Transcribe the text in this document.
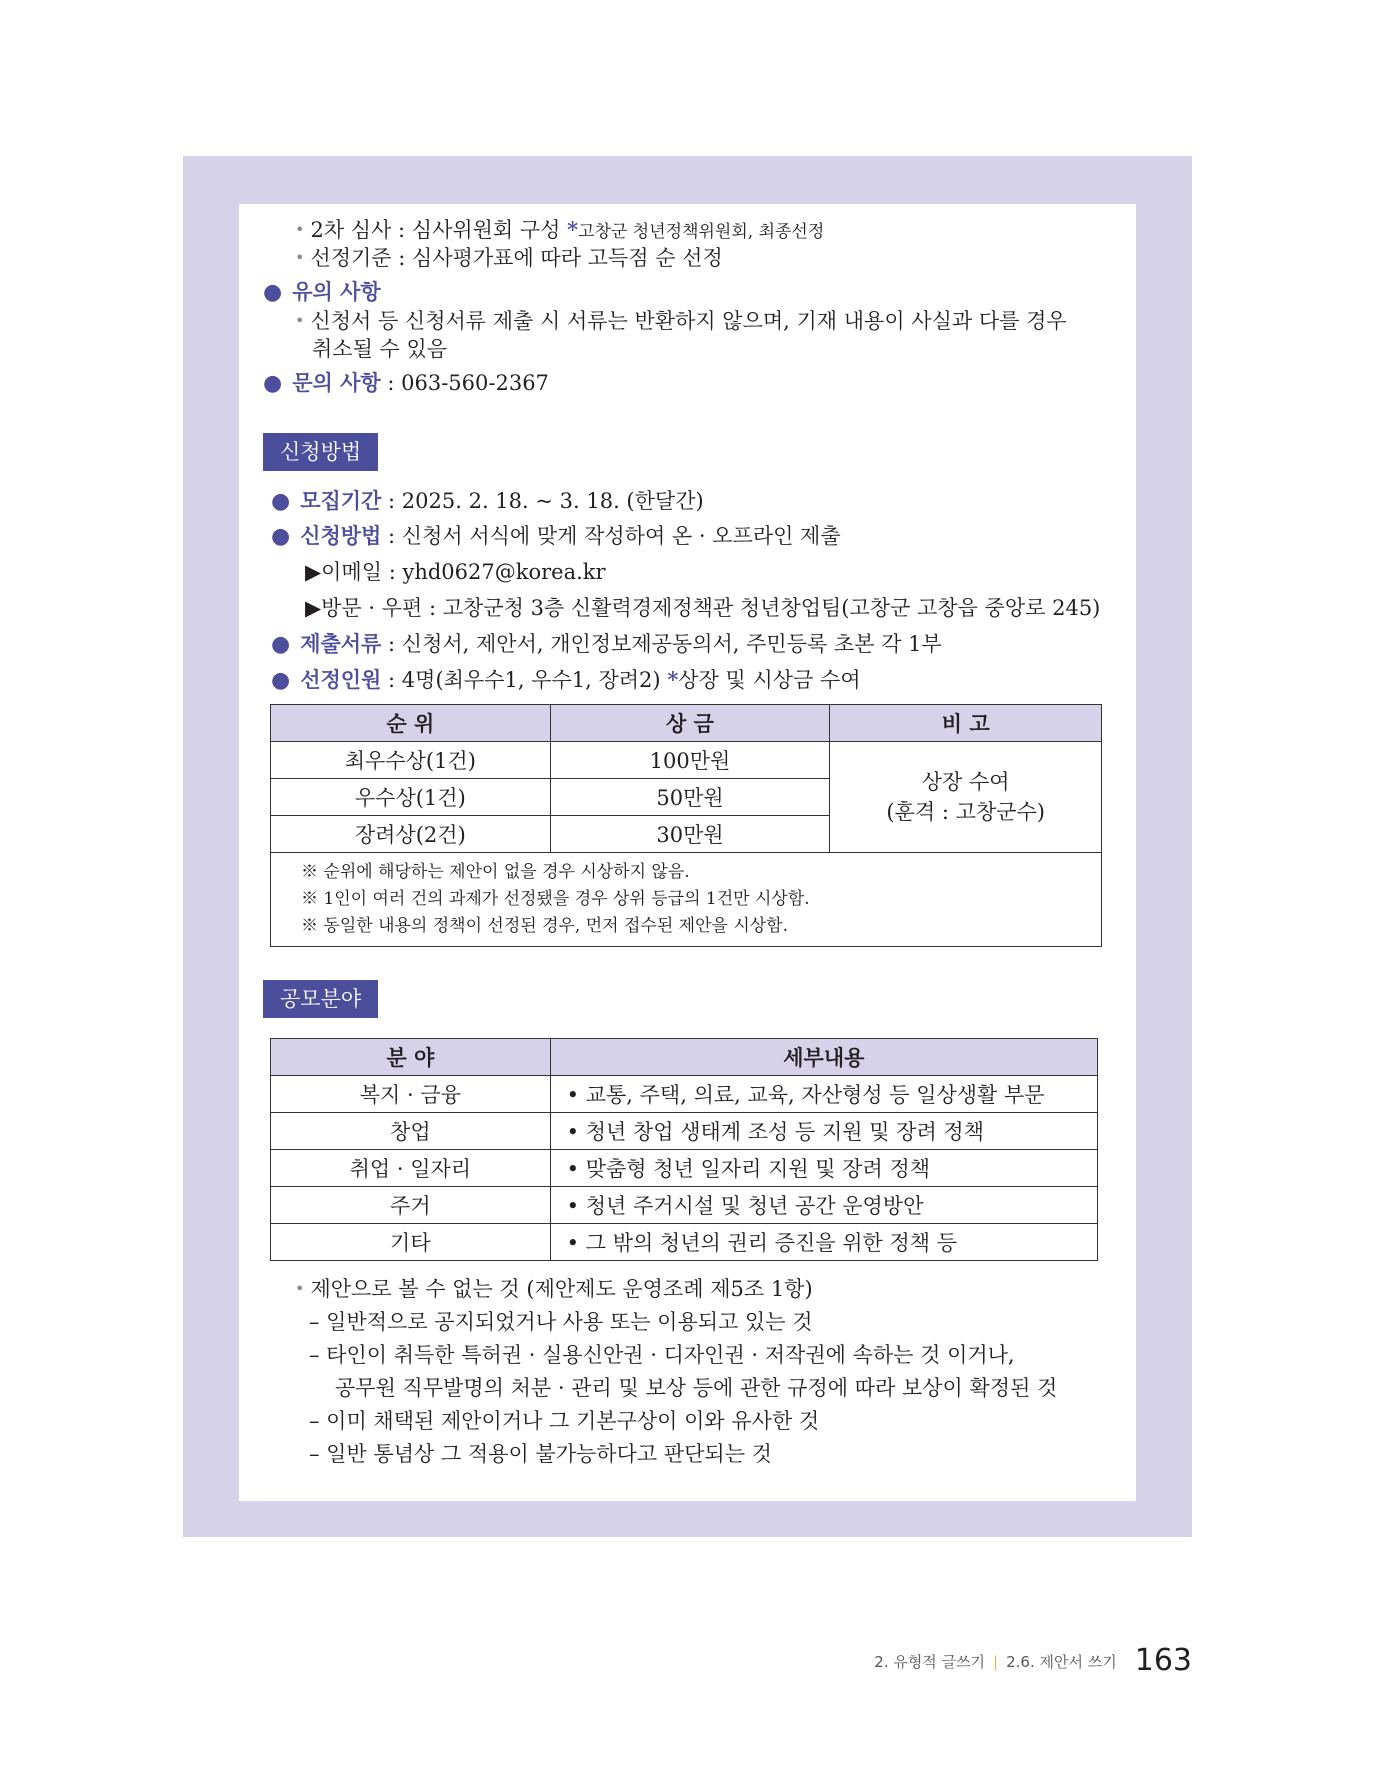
• 2차 심사 : 심사위원회 구성 *고창군 청년정책위원회, 최종선정
• 선정기준 : 심사평가표에 따라 고득점 순 선정
● 유의 사항
• 신청서 등 신청서류 제출 시 서류는 반환하지 않으며, 기재 내용이 사실과 다를 경우
취소될 수 있음
● 문의 사항 : 063-560-2367
신청방법
● 모집기간 : 2025. 2. 18. ~ 3. 18. (한달간)
● 신청방법 : 신청서 서식에 맞게 작성하여 온 · 오프라인 제출
▶이메일 : yhd0627@korea.kr
▶방문 · 우편 : 고창군청 3층 신활력경제정책관 청년창업팀(고창군 고창읍 중앙로 245)
● 제출서류 : 신청서, 제안서, 개인정보제공동의서, 주민등록 초본 각 1부
● 선정인원 : 4명(최우수1, 우수1, 장려2) *상장 및 시상금 수여
순 위	상 금	비 고
최우수상(1건)	100만원	상장 수여
(훈격 : 고창군수)
우수상(1건)	50만원	
장려상(2건)	30만원	

※ 순위에 해당하는 제안이 없을 경우 시상하지 않음.
※ 1인이 여러 건의 과제가 선정됐을 경우 상위 등급의 1건만 시상함.
※ 동일한 내용의 정책이 선정된 경우, 먼저 접수된 제안을 시상함.		
공모분야
분 야	세부내용
복지 · 금융	• 교통, 주택, 의료, 교육, 자산형성 등 일상생활 부문
창업	• 청년 창업 생태계 조성 등 지원 및 장려 정책
취업 · 일자리	• 맞춤형 청년 일자리 지원 및 장려 정책
주거	• 청년 주거시설 및 청년 공간 운영방안
기타	• 그 밖의 청년의 권리 증진을 위한 정책 등
• 제안으로 볼 수 없는 것 (제안제도 운영조례 제5조 1항)
– 일반적으로 공지되었거나 사용 또는 이용되고 있는 것
– 타인이 취득한 특허권 · 실용신안권 · 디자인권 · 저작권에 속하는 것 이거나,
공무원 직무발명의 처분 · 관리 및 보상 등에 관한 규정에 따라 보상이 확정된 것
– 이미 채택된 제안이거나 그 기본구상이 이와 유사한 것
– 일반 통념상 그 적용이 불가능하다고 판단되는 것
2. 유형적 글쓰기 | 2.6. 제안서 쓰기 163
